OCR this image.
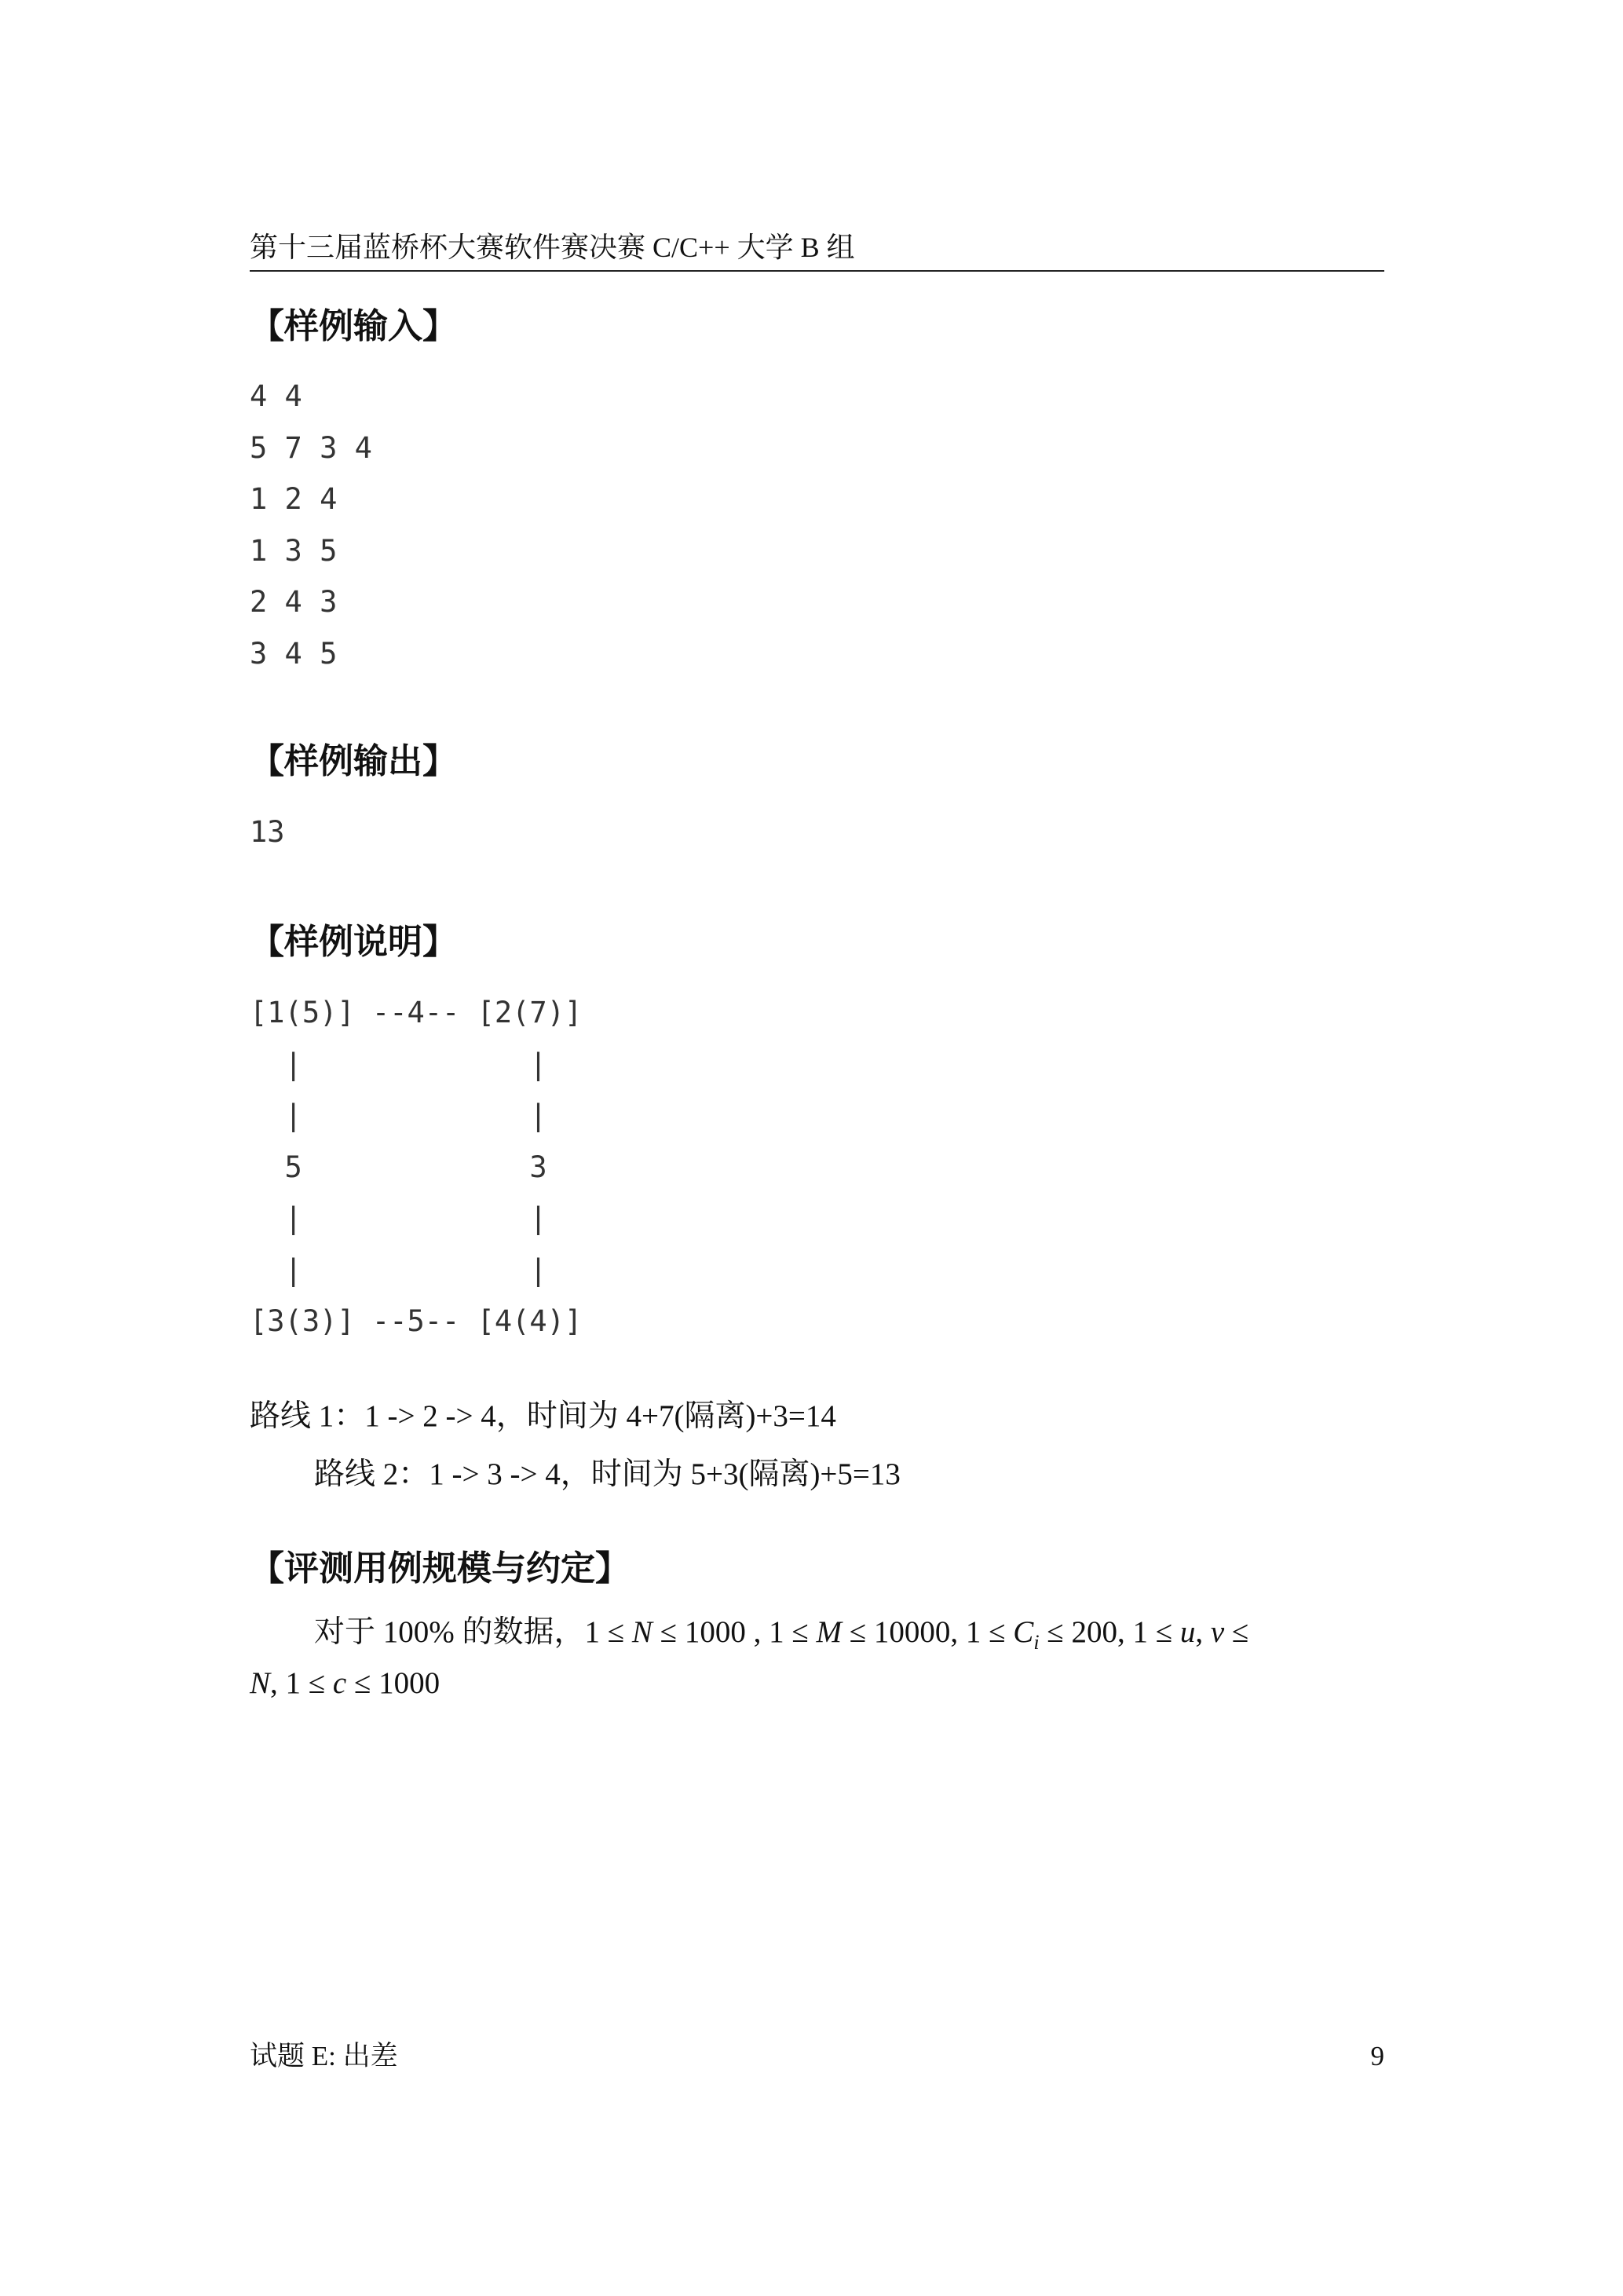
第十三届蓝桥杯大赛软件赛决赛 C/C++ 大学 B 组
【样例输入】
4 4
5 7 3 4
1 2 4
1 3 5
2 4 3
3 4 5
【样例输出】
13
【样例说明】
[1(5)] --4-- [2(7)]
|             |
|             |
5             3
|             |
|             |
[3(3)] --5-- [4(4)]
路线 1：1 -> 2 -> 4，时间为 4+7(隔离)+3=14
路线 2：1 -> 3 -> 4，时间为 5+3(隔离)+5=13
【评测用例规模与约定】
对于 100% 的数据，1 ≤ N ≤ 1000 , 1 ≤ M ≤ 10000, $1 \le C_i \le 200$, 1 ≤ u, v ≤
N, 1 ≤ c ≤ 1000
试题 E: 出差	9
